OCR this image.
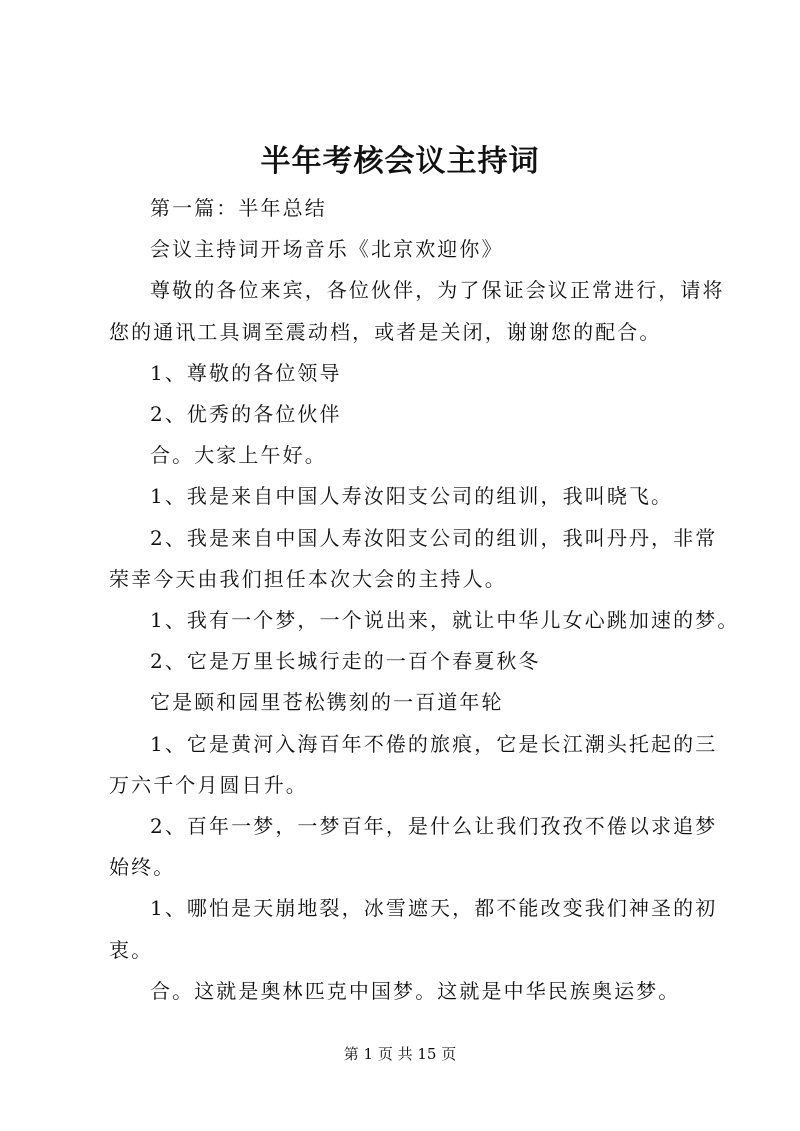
半年考核会议主持词

第一篇：半年总结

会议主持词开场音乐《北京欢迎你》

尊敬的各位来宾，各位伙伴，为了保证会议正常进行，请将
您的通讯工具调至震动档，或者是关闭，谢谢您的配合。

1、尊敬的各位领导

2、优秀的各位伙伴

合。大家上午好。

1、我是来自中国人寿汝阳支公司的组训，我叫晓飞。

2、我是来自中国人寿汝阳支公司的组训，我叫丹丹，非常
荣幸今天由我们担任本次大会的主持人。

1、我有一个梦，一个说出来，就让中华儿女心跳加速的梦。

2、它是万里长城行走的一百个春夏秋冬

它是颐和园里苍松镌刻的一百道年轮

1、它是黄河入海百年不倦的旅痕，它是长江潮头托起的三
万六千个月圆日升。

2、百年一梦，一梦百年，是什么让我们孜孜不倦以求追梦
始终。

1、哪怕是天崩地裂，冰雪遮天，都不能改变我们神圣的初
衷。

合。这就是奥林匹克中国梦。这就是中华民族奥运梦。

第 1 页 共 15 页
